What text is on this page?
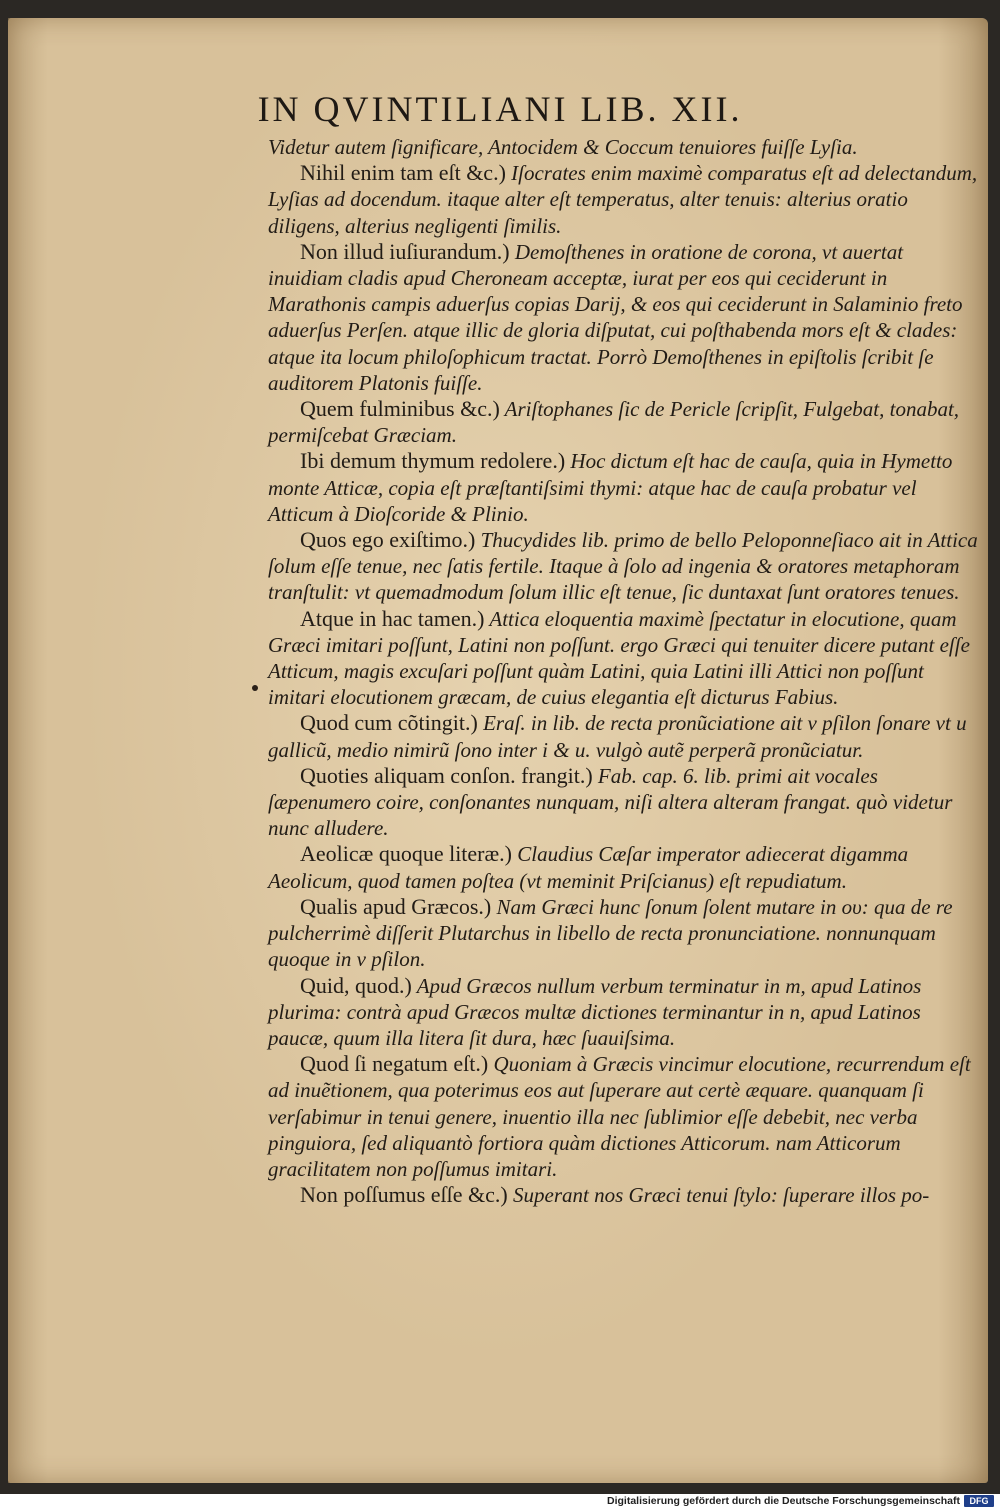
IN QVINTILIANI LIB. XII.

Videtur autem ſignificare, Antocidem & Coccum tenuiores fuiſſe Lyſia.

Nihil enim tam eſt &c.) Iſocrates enim maximè comparatus eſt ad delectandum, Lyſias ad docendum. itaque alter eſt temperatus, alter tenuis: alterius oratio diligens, alterius negligenti ſimilis.

Non illud iuſiurandum.) Demoſthenes in oratione de corona, vt auertat inuidiam cladis apud Cheroneam acceptæ, iurat per eos qui ceciderunt in Marathonis campis aduerſus copias Darij, & eos qui ceciderunt in Salaminio freto aduerſus Perſen. atque illic de gloria diſputat, cui poſthabenda mors eſt & clades: atque ita locum philoſophicum tractat. Porrò Demoſthenes in epiſtolis ſcribit ſe auditorem Platonis fuiſſe.

Quem fulminibus &c.) Ariſtophanes ſic de Pericle ſcripſit, Fulgebat, tonabat, permiſcebat Græciam.

Ibi demum thymum redolere.) Hoc dictum eſt hac de cauſa, quia in Hymetto monte Atticæ, copia eſt præſtantiſsimi thymi: atque hac de cauſa probatur vel Atticum à Dioſcoride & Plinio.

Quos ego exiſtimo.) Thucydides lib. primo de bello Peloponneſiaco ait in Attica ſolum eſſe tenue, nec ſatis fertile. Itaque à ſolo ad ingenia & oratores metaphoram tranſtulit: vt quemadmodum ſolum illic eſt tenue, ſic duntaxat ſunt oratores tenues.

Atque in hac tamen.) Attica eloquentia maximè ſpectatur in elocutione, quam Græci imitari poſſunt, Latini non poſſunt. ergo Græci qui tenuiter dicere putant eſſe Atticum, magis excuſari poſſunt quàm Latini, quia Latini illi Attici non poſſunt imitari elocutionem græcam, de cuius elegantia eſt dicturus Fabius.

Quod cum cõtingit.) Eraſ. in lib. de recta pronũciatione ait v pſilon ſonare vt u gallicũ, medio nimirũ ſono inter i & u. vulgò autẽ perperã pronũciatur.

Quoties aliquam conſon. frangit.) Fab. cap. 6. lib. primi ait vocales ſæpenumero coire, conſonantes nunquam, niſi altera alteram frangat. quò videtur nunc alludere.

Aeolicæ quoque literæ.) Claudius Cæſar imperator adiecerat digamma Aeolicum, quod tamen poſtea (vt meminit Priſcianus) eſt repudiatum.

Qualis apud Græcos.) Nam Græci hunc ſonum ſolent mutare in ου: qua de re pulcherrimè diſſerit Plutarchus in libello de recta pronunciatione. nonnunquam quoque in v pſilon.

Quid, quod.) Apud Græcos nullum verbum terminatur in m, apud Latinos plurima: contrà apud Græcos multæ dictiones terminantur in n, apud Latinos paucæ, quum illa litera ſit dura, hæc ſuauiſsima.

Quod ſi negatum eſt.) Quoniam à Græcis vincimur elocutione, recurrendum eſt ad inuẽtionem, qua poterimus eos aut ſuperare aut certè æquare. quanquam ſi verſabimur in tenui genere, inuentio illa nec ſublimior eſſe debebit, nec verba pinguiora, ſed aliquantò fortiora quàm dictiones Atticorum. nam Atticorum gracilitatem non poſſumus imitari.

Non poſſumus eſſe &c.) Superant nos Græci tenui ſtylo: ſuperare illos po-

Digitalisierung gefördert durch die Deutsche Forschungsgemeinschaft	DFG
